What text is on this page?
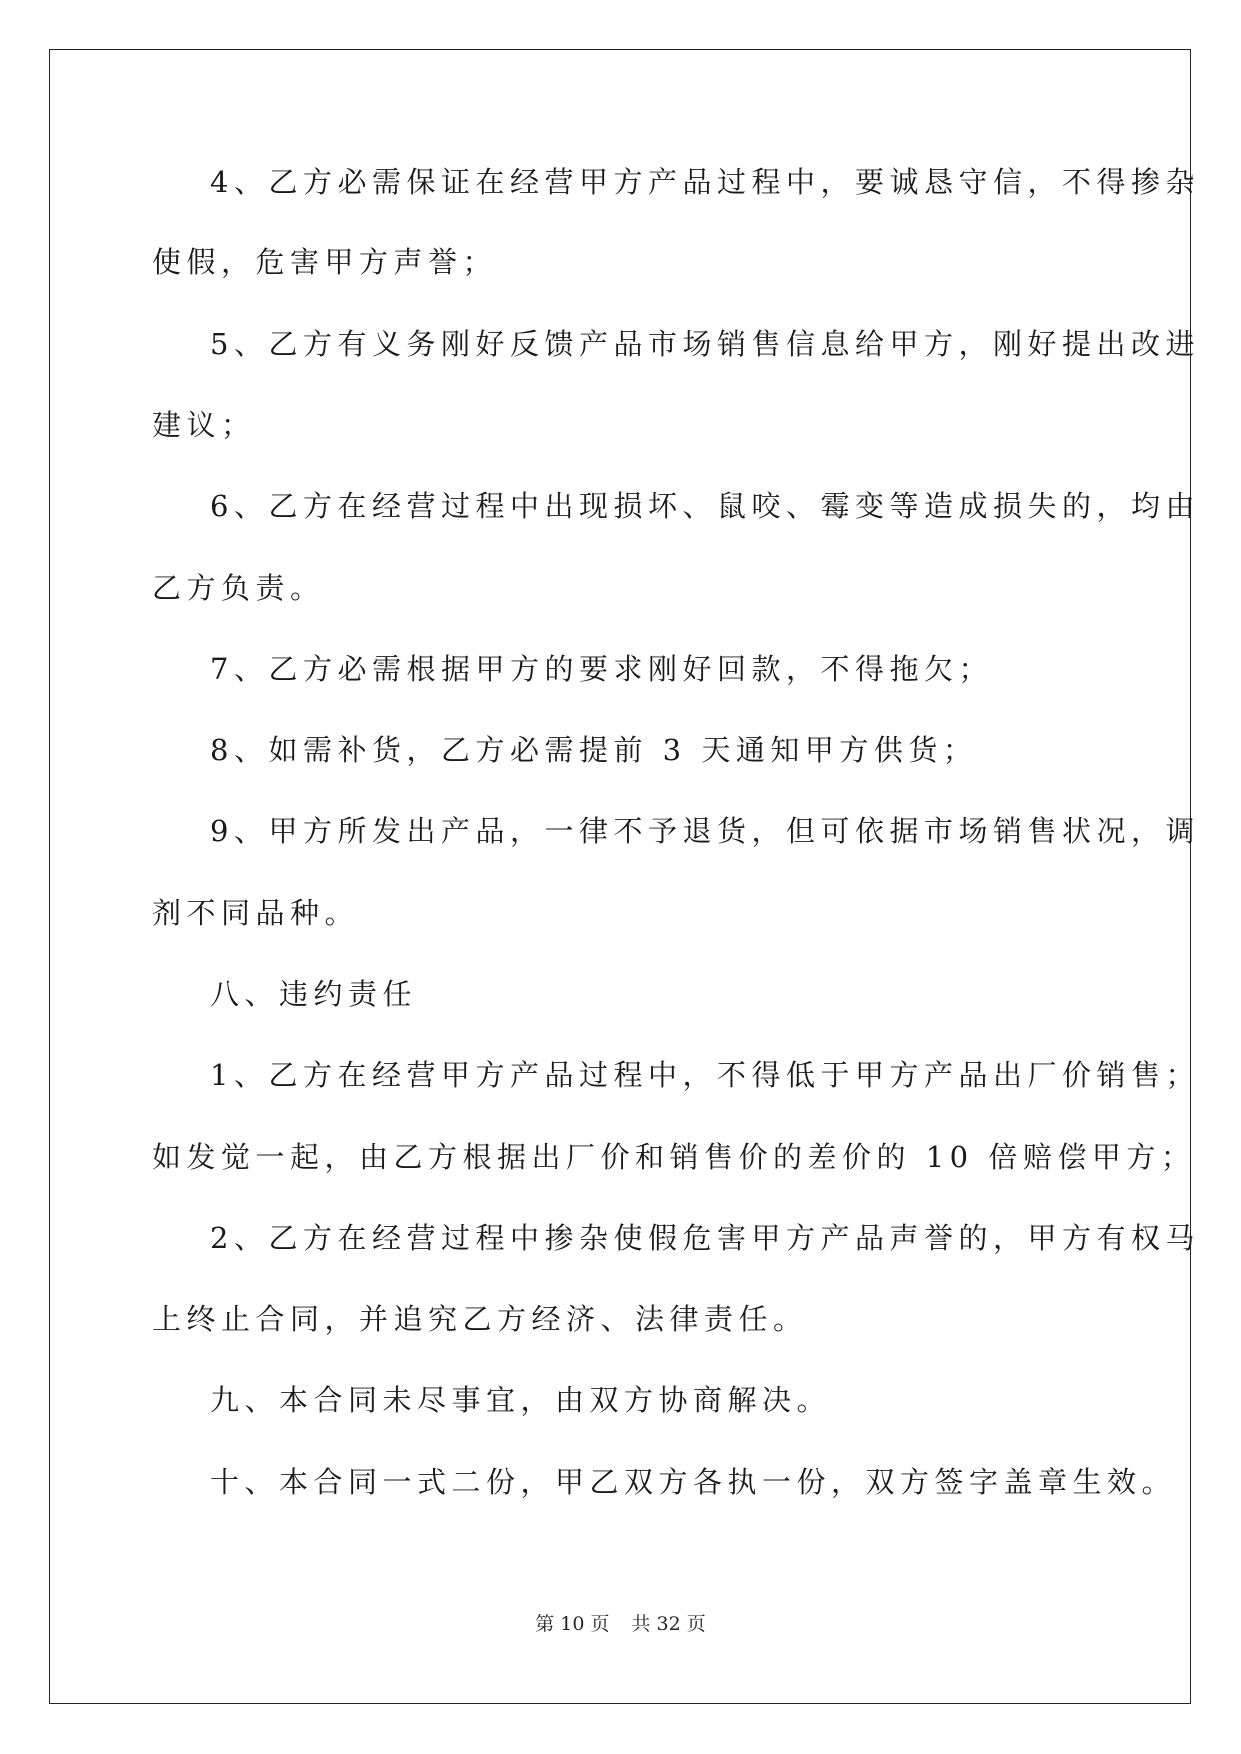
4、乙方必需保证在经营甲方产品过程中，要诚恳守信，不得掺杂
使假，危害甲方声誉；
5、乙方有义务刚好反馈产品市场销售信息给甲方，刚好提出改进
建议；
6、乙方在经营过程中出现损坏、鼠咬、霉变等造成损失的，均由
乙方负责。
7、乙方必需根据甲方的要求刚好回款，不得拖欠；
8、如需补货，乙方必需提前 3 天通知甲方供货；
9、甲方所发出产品，一律不予退货，但可依据市场销售状况，调
剂不同品种。
八、违约责任
1、乙方在经营甲方产品过程中，不得低于甲方产品出厂价销售；
如发觉一起，由乙方根据出厂价和销售价的差价的 10 倍赔偿甲方；
2、乙方在经营过程中掺杂使假危害甲方产品声誉的，甲方有权马
上终止合同，并追究乙方经济、法律责任。
九、本合同未尽事宜，由双方协商解决。
十、本合同一式二份，甲乙双方各执一份，双方签字盖章生效。
第 10 页 共 32 页
